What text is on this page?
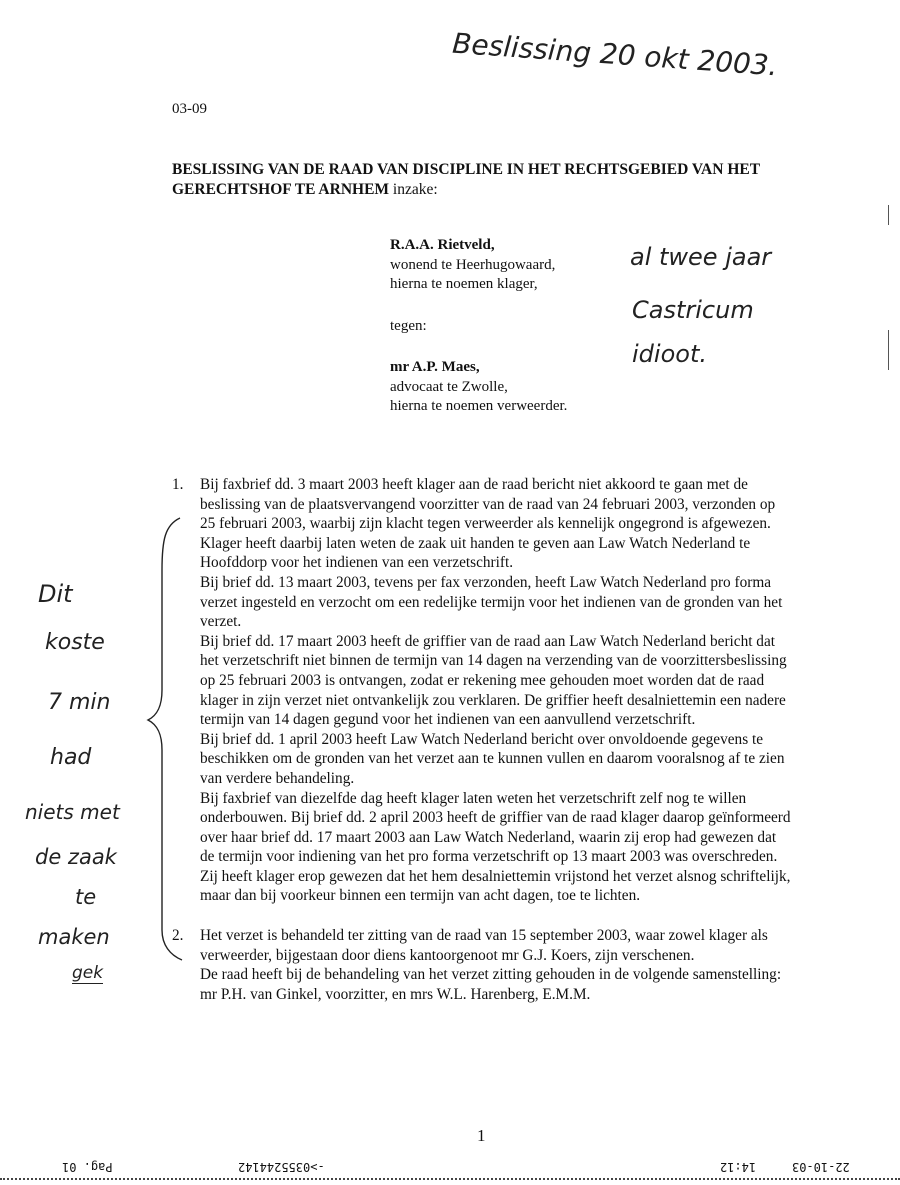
Beslissing 20 okt 2003.
03-09
BESLISSING VAN DE RAAD VAN DISCIPLINE IN HET RECHTSGEBIED VAN HET GERECHTSHOF TE ARNHEM inzake:
R.A.A. Rietveld,
wonend te Heerhugowaard,
hierna te noemen klager,
tegen:
mr A.P. Maes,
advocaat te Zwolle,
hierna te noemen verweerder.
al twee jaar
Castricum
idioot.
1.	Bij faxbrief dd. 3 maart 2003 heeft klager aan de raad bericht niet akkoord te gaan met de beslissing van de plaatsvervangend voorzitter van de raad van 24 februari 2003, verzonden op 25 februari 2003, waarbij zijn klacht tegen verweerder als kennelijk ongegrond is afgewezen. Klager heeft daarbij laten weten de zaak uit handen te geven aan Law Watch Nederland te Hoofddorp voor het indienen van een verzetschrift.

Bij brief dd. 13 maart 2003, tevens per fax verzonden, heeft Law Watch Nederland pro forma verzet ingesteld en verzocht om een redelijke termijn voor het indienen van de gronden van het verzet.

Bij brief dd. 17 maart 2003 heeft de griffier van de raad aan Law Watch Nederland bericht dat het verzetschrift niet binnen de termijn van 14 dagen na verzending van de voorzittersbeslissing op 25 februari 2003 is ontvangen, zodat er rekening mee gehouden moet worden dat de raad klager in zijn verzet niet ontvankelijk zou verklaren. De griffier heeft desalniettemin een nadere termijn van 14 dagen gegund voor het indienen van een aanvullend verzetschrift.

Bij brief dd. 1 april 2003 heeft Law Watch Nederland bericht over onvoldoende gegevens te beschikken om de gronden van het verzet aan te kunnen vullen en daarom vooralsnog af te zien van verdere behandeling.

Bij faxbrief van diezelfde dag heeft klager laten weten het verzetschrift zelf nog te willen onderbouwen. Bij brief dd. 2 april 2003 heeft de griffier van de raad klager daarop geïnformeerd over haar brief dd. 17 maart 2003 aan Law Watch Nederland, waarin zij erop had gewezen dat de termijn voor indiening van het pro forma verzetschrift op 13 maart 2003 was overschreden. Zij heeft klager erop gewezen dat het hem desalniettemin vrijstond het verzet alsnog schriftelijk, maar dan bij voorkeur binnen een termijn van acht dagen, toe te lichten.

2.	Het verzet is behandeld ter zitting van de raad van 15 september 2003, waar zowel klager als verweerder, bijgestaan door diens kantoorgenoot mr G.J. Koers, zijn verschenen.

De raad heeft bij de behandeling van het verzet zitting gehouden in de volgende samenstelling: mr P.H. van Ginkel, voorzitter, en mrs W.L. Harenberg, E.M.M.

Dit
koste
7 min
had
niets met
de zaak
te
maken
gek
1
Pag. 01	->0355244142	14:12	22-10-03
